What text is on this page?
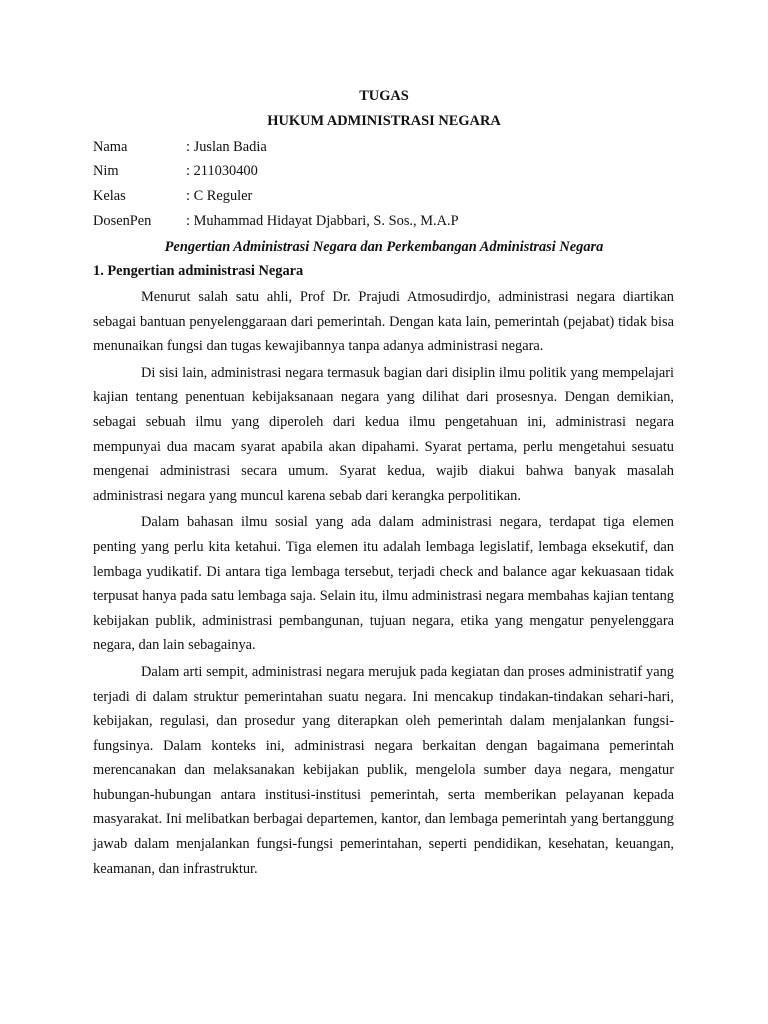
TUGAS
HUKUM ADMINISTRASI NEGARA
Nama	: Juslan Badia
Nim	: 211030400
Kelas	: C Reguler
DosenPen : Muhammad Hidayat Djabbari, S. Sos., M.A.P
Pengertian Administrasi Negara dan Perkembangan Administrasi Negara
1. Pengertian administrasi Negara

Menurut salah satu ahli, Prof Dr. Prajudi Atmosudirdjo, administrasi negara diartikan sebagai bantuan penyelenggaraan dari pemerintah. Dengan kata lain, pemerintah (pejabat) tidak bisa menunaikan fungsi dan tugas kewajibannya tanpa adanya administrasi negara.

Di sisi lain, administrasi negara termasuk bagian dari disiplin ilmu politik yang mempelajari kajian tentang penentuan kebijaksanaan negara yang dilihat dari prosesnya. Dengan demikian, sebagai sebuah ilmu yang diperoleh dari kedua ilmu pengetahuan ini, administrasi negara mempunyai dua macam syarat apabila akan dipahami. Syarat pertama, perlu mengetahui sesuatu mengenai administrasi secara umum. Syarat kedua, wajib diakui bahwa banyak masalah administrasi negara yang muncul karena sebab dari kerangka perpolitikan.

Dalam bahasan ilmu sosial yang ada dalam administrasi negara, terdapat tiga elemen penting yang perlu kita ketahui. Tiga elemen itu adalah lembaga legislatif, lembaga eksekutif, dan lembaga yudikatif. Di antara tiga lembaga tersebut, terjadi check and balance agar kekuasaan tidak terpusat hanya pada satu lembaga saja. Selain itu, ilmu administrasi negara membahas kajian tentang kebijakan publik, administrasi pembangunan, tujuan negara, etika yang mengatur penyelenggara negara, dan lain sebagainya.

Dalam arti sempit, administrasi negara merujuk pada kegiatan dan proses administratif yang terjadi di dalam struktur pemerintahan suatu negara. Ini mencakup tindakan-tindakan sehari-hari, kebijakan, regulasi, dan prosedur yang diterapkan oleh pemerintah dalam menjalankan fungsi-fungsinya. Dalam konteks ini, administrasi negara berkaitan dengan bagaimana pemerintah merencanakan dan melaksanakan kebijakan publik, mengelola sumber daya negara, mengatur hubungan-hubungan antara institusi-institusi pemerintah, serta memberikan pelayanan kepada masyarakat. Ini melibatkan berbagai departemen, kantor, dan lembaga pemerintah yang bertanggung jawab dalam menjalankan fungsi-fungsi pemerintahan, seperti pendidikan, kesehatan, keuangan, keamanan, dan infrastruktur.
